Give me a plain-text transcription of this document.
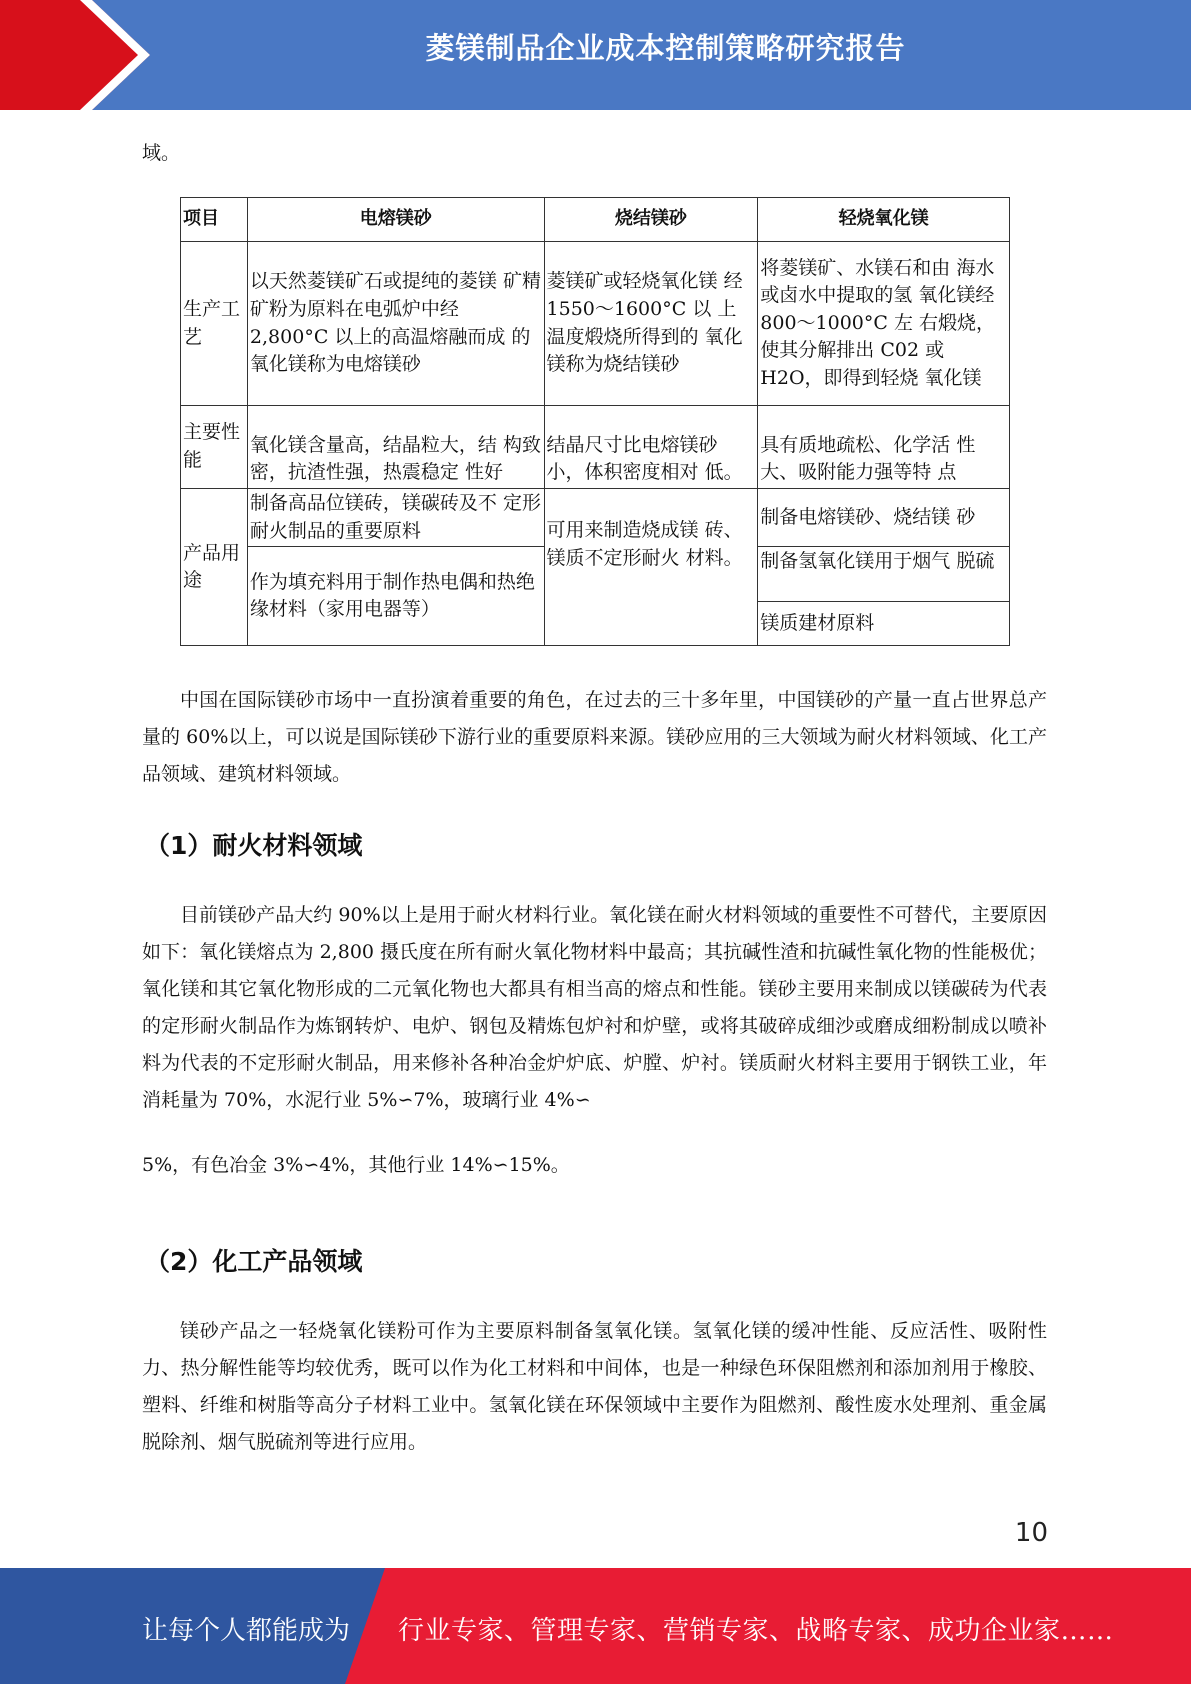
菱镁制品企业成本控制策略研究报告
域。
项目	电熔镁砂	烧结镁砂	轻烧氧化镁
生产工艺	以天然菱镁矿石或提纯的菱镁 矿精矿粉为原料在电弧炉中经 2,800°C 以上的高温熔融而成 的氧化镁称为电熔镁砂	菱镁矿或轻烧氧化镁 经 1550～1600°C 以 上温度煅烧所得到的 氧化镁称为烧结镁砂	将菱镁矿、水镁石和由 海水或卤水中提取的氢 氧化镁经 800～1000°C 左 右煅烧，使其分解排出 C02 或 H2O，即得到轻烧 氧化镁
主要性能	氧化镁含量高，结晶粒大，结 构致密，抗渣性强，热震稳定 性好	结晶尺寸比电熔镁砂小，体积密度相对 低。	具有质地疏松、化学活 性大、吸附能力强等特 点
产品用途	制备高品位镁砖，镁碳砖及不 定形耐火制品的重要原料	可用来制造烧成镁 砖、镁质不定形耐火 材料。	制备电熔镁砂、烧结镁 砂
	作为填充料用于制作热电偶和热绝缘材料（家用电器等）		制备氢氧化镁用于烟气 脱硫
			镁质建材原料

中国在国际镁砂市场中一直扮演着重要的角色，在过去的三十多年里，中国镁砂的产量一直占世界总产量的 60%以上，可以说是国际镁砂下游行业的重要原料来源。镁砂应用的三大领域为耐火材料领域、化工产品领域、建筑材料领域。

（1）耐火材料领域

目前镁砂产品大约 90%以上是用于耐火材料行业。氧化镁在耐火材料领域的重要性不可替代，主要原因如下：氧化镁熔点为 2,800 摄氏度在所有耐火氧化物材料中最高；其抗碱性渣和抗碱性氧化物的性能极优；氧化镁和其它氧化物形成的二元氧化物也大都具有相当高的熔点和性能。镁砂主要用来制成以镁碳砖为代表的定形耐火制品作为炼钢转炉、电炉、钢包及精炼包炉衬和炉壁，或将其破碎成细沙或磨成细粉制成以喷补料为代表的不定形耐火制品，用来修补各种冶金炉炉底、炉膛、炉衬。镁质耐火材料主要用于钢铁工业，年消耗量为 70%，水泥行业 5%∽7%，玻璃行业 4%∽
5%，有色冶金 3%∽4%，其他行业 14%∽15%。

（2）化工产品领域

镁砂产品之一轻烧氧化镁粉可作为主要原料制备氢氧化镁。氢氧化镁的缓冲性能、反应活性、吸附性力、热分解性能等均较优秀，既可以作为化工材料和中间体，也是一种绿色环保阻燃剂和添加剂用于橡胶、塑料、纤维和树脂等高分子材料工业中。氢氧化镁在环保领域中主要作为阻燃剂、酸性废水处理剂、重金属脱除剂、烟气脱硫剂等进行应用。

10
让每个人都能成为 行业专家、管理专家、营销专家、战略专家、成功企业家……
